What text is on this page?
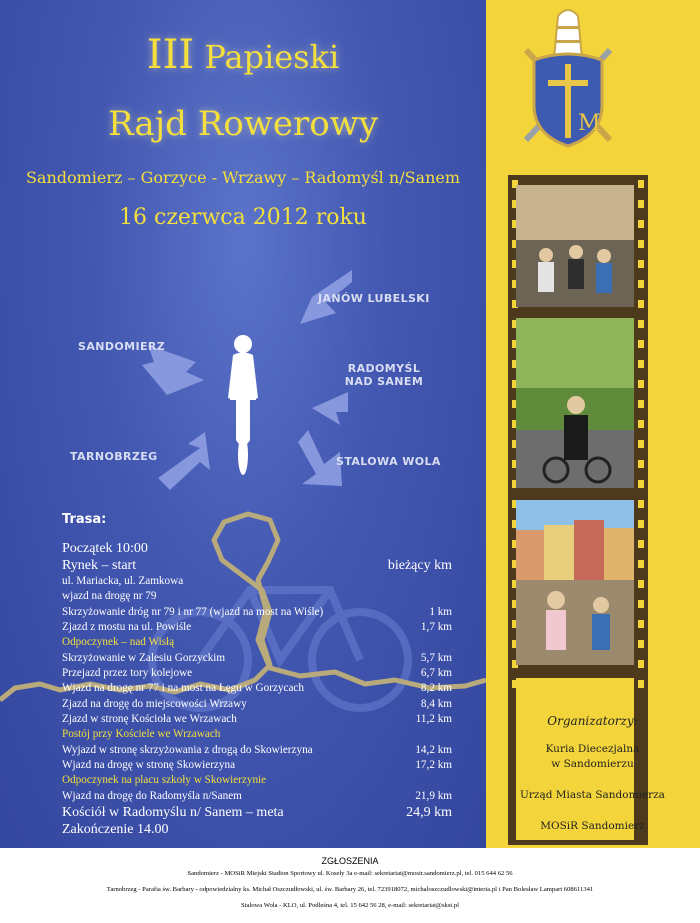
III Papieski
Rajd Rowerowy
Sandomierz – Gorzyce - Wrzawy – Radomyśl n/Sanem
16 czerwca 2012 roku
JANÓW LUBELSKI
SANDOMIERZ
RADOMYŚL
NAD SANEM
TARNOBRZEG	STALOWA WOLA
Trasa:
Początek 10:00
Rynek – start	bieżący km
ul. Mariacka, ul. Zamkowa
wjazd na drogę nr 79
Skrzyżowanie dróg nr 79 i nr 77 (wjazd na most na Wiśle)	1 km
Zjazd z mostu na ul. Powiśle	1,7 km
Odpoczynek – nad Wisłą
Skrzyżowanie w Zalesiu Gorzyckim	5,7 km
Przejazd przez tory kolejowe	6,7 km
Wjazd na drogę nr 77 i na most na Łęgu w Gorzycach	8,2 km
Zjazd na drogę do miejscowości Wrzawy	8,4 km
Zjazd w stronę Kościoła we Wrzawach	11,2 km
Postój przy Kościele we Wrzawach
Wyjazd w stronę skrzyżowania z drogą do Skowierzyna	14,2 km
Wjazd na drogę w stronę Skowierzyna	17,2 km
Odpoczynek na placu szkoły w Skowierzynie
Wjazd na drogę do Radomyśla n/Sanem	21,9 km
Kościół w Radomyślu n/ Sanem – meta	24,9 km
Zakończenie 14.00
M
Organizatorzy:
Kuria Diecezjalna
w Sandomierzu
Urząd Miasta Sandomierza
MOSiR Sandomierz
ZGŁOSZENIA
Sandomierz - MOSiR Miejski Stadion Sportowy ul. Koseły 3a e-mail: sekretariat@mosir.sandomierz.pl, tel. 015 644 62 56
Tarnobrzeg - Parafia św. Barbary - odpowiedzialny ks. Michał Oszczudłowski, ul. św. Barbary 26, tel. 723918072, michaloszczudlowski@interia.pl i Pan Bolesław Lampart 608611341
Stalowa Wola - KLO, ul. Podleśna 4, tel. 15 642 56 28, e-mail: sekretariat@skst.pl
